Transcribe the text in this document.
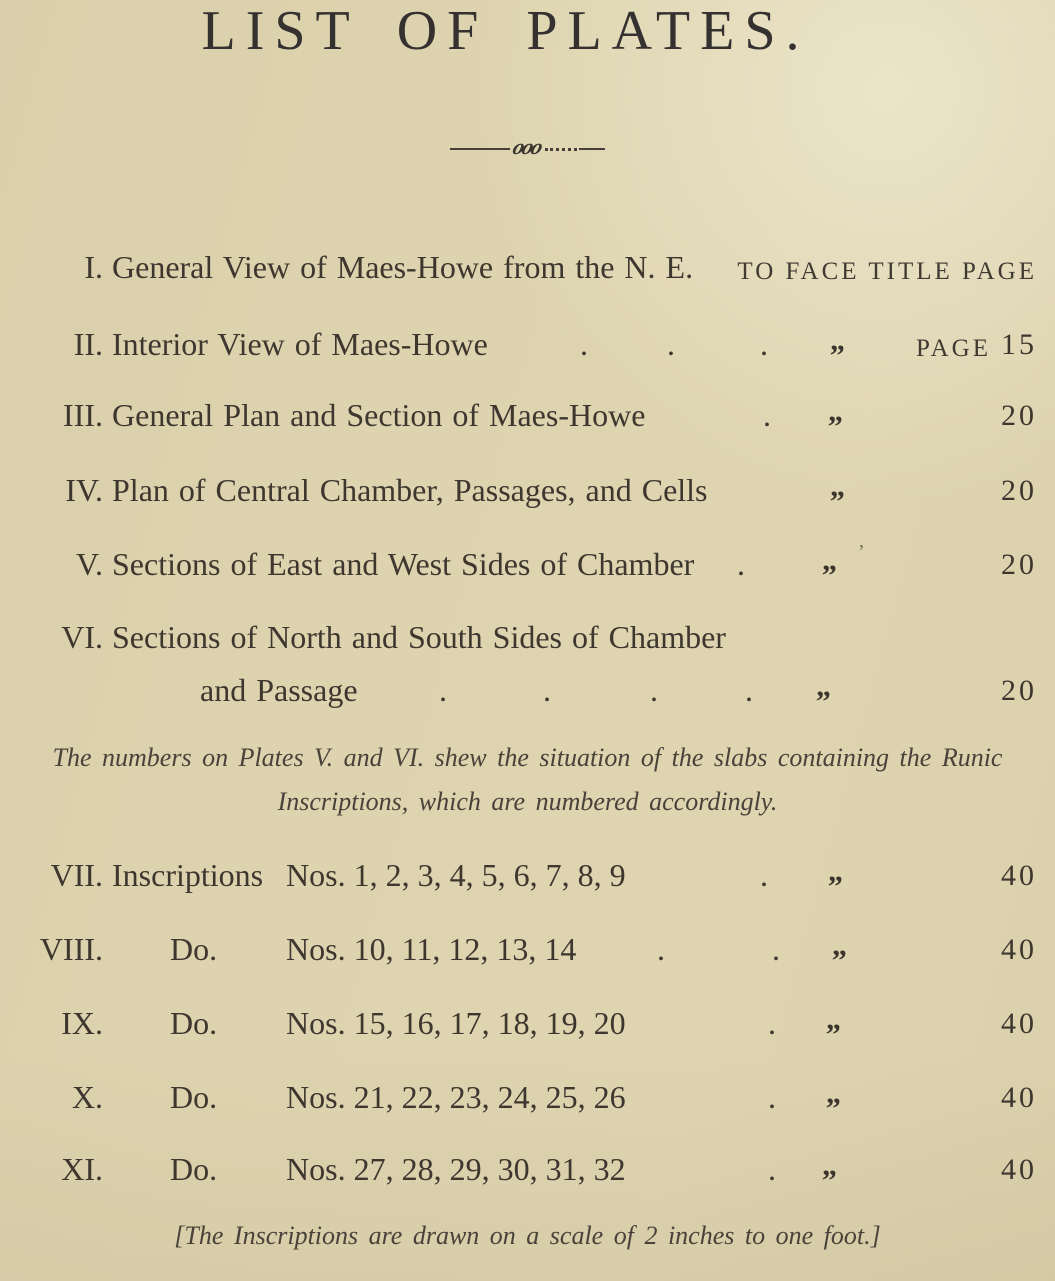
LIST OF PLATES.
ooo
I. General View of Maes-Howe from the N. E. TO FACE TITLE PAGE
II. Interior View of Maes-Howe	. .	. „	PAGE 15
III. General Plan and Section of Maes-Howe	. „	20
IV. Plan of Central Chamber, Passages, and Cells	„	20
V. Sections of East and West Sides of Chamber .	„ ’	20
VI. Sections of North and South Sides of Chamber
and Passage	.	.	.	. „	20
The numbers on Plates V. and VI. shew the situation of the slabs containing the Runic
Inscriptions, which are numbered accordingly.
VII. Inscriptions Nos. 1, 2, 3, 4, 5, 6, 7, 8, 9	. „	40
VIII. Do. Nos. 10, 11, 12, 13, 14	.	. „	40
IX. Do. Nos. 15, 16, 17, 18, 19, 20	. „	40
X. Do. Nos. 21, 22, 23, 24, 25, 26	. „	40
XI. Do. Nos. 27, 28, 29, 30, 31, 32	. „	40
[The Inscriptions are drawn on a scale of 2 inches to one foot.]
